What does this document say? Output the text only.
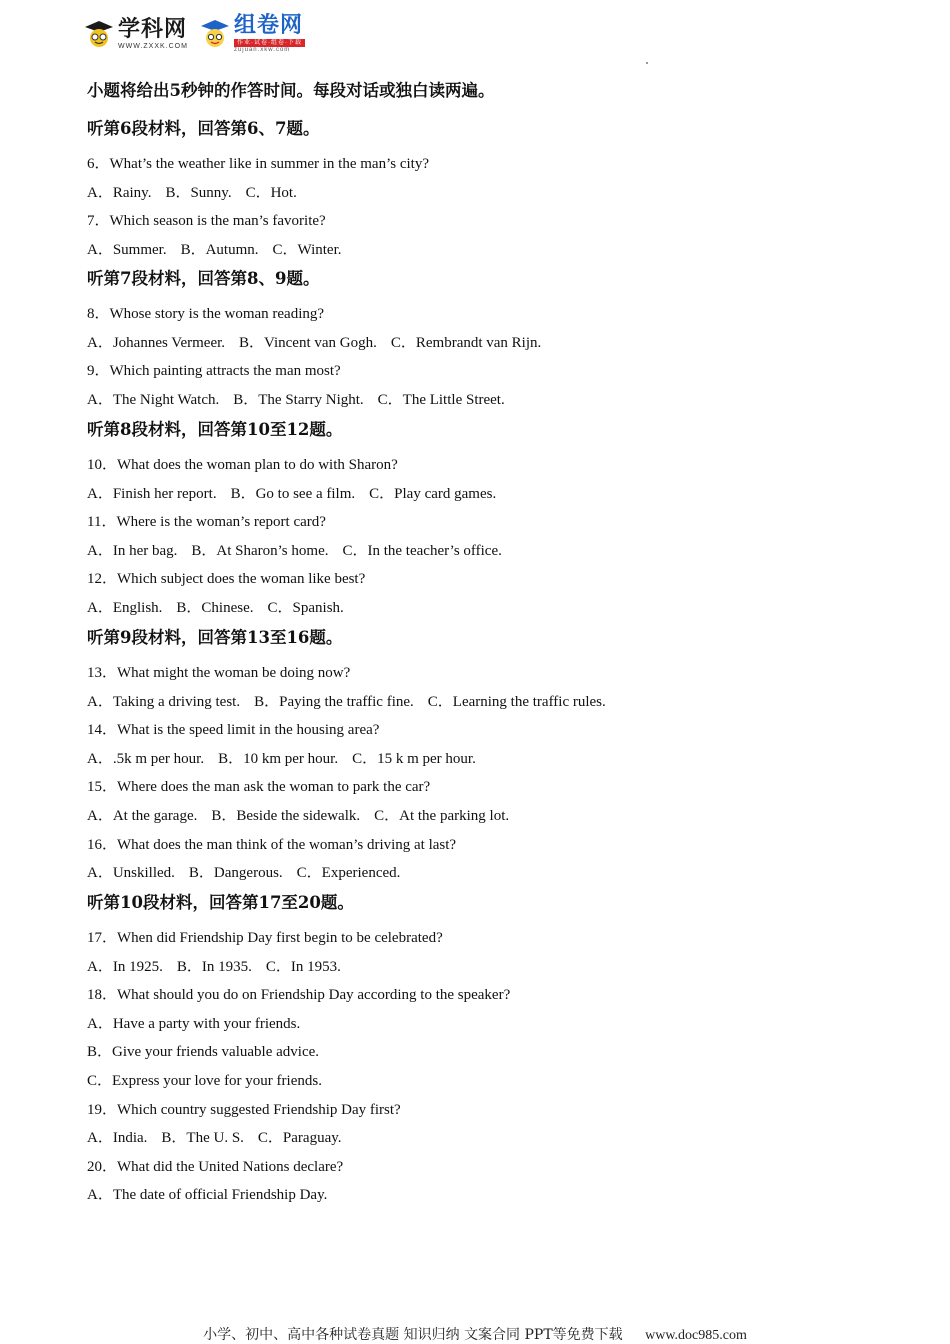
学科网
WWW.ZXXK.COM
组卷网
作业·试卷·组卷·下载
zujuan.xkw.com
小题将给出5秒钟的作答时间。每段对话或独白读两遍。
听第6段材料，回答第6、7题。
6．What’s the weather like in summer in the man’s city?
A．Rainy. B．Sunny. C．Hot.
7．Which season is the man’s favorite?
A．Summer. B．Autumn. C．Winter.
听第7段材料，回答第8、9题。
8．Whose story is the woman reading?
A．Johannes Vermeer. B．Vincent van Gogh. C．Rembrandt van Rijn.
9．Which painting attracts the man most?
A．The Night Watch. B．The Starry Night. C．The Little Street.
听第8段材料，回答第10至12题。
10．What does the woman plan to do with Sharon?
A．Finish her report. B．Go to see a film. C．Play card games.
11．Where is the woman’s report card?
A．In her bag. B．At Sharon’s home. C．In the teacher’s office.
12．Which subject does the woman like best?
A．English. B．Chinese. C．Spanish.
听第9段材料，回答第13至16题。
13．What might the woman be doing now?
A．Taking a driving test. B．Paying the traffic fine. C．Learning the traffic rules.
14．What is the speed limit in the housing area?
A．.5k m per hour. B．10 km per hour. C．15 k m per hour.
15．Where does the man ask the woman to park the car?
A．At the garage. B．Beside the sidewalk. C．At the parking lot.
16．What does the man think of the woman’s driving at last?
A．Unskilled. B．Dangerous. C．Experienced.
听第10段材料，回答第17至20题。
17．When did Friendship Day first begin to be celebrated?
A．In 1925. B．In 1935. C．In 1953.
18．What should you do on Friendship Day according to the speaker?
A．Have a party with your friends.
B．Give your friends valuable advice.
C．Express your love for your friends.
19．Which country suggested Friendship Day first?
A．India. B．The U. S. C．Paraguay.
20．What did the United Nations declare?
A．The date of official Friendship Day.
小学、初中、高中各种试卷真题 知识归纳 文案合同 PPT等免费下载 www.doc985.com
